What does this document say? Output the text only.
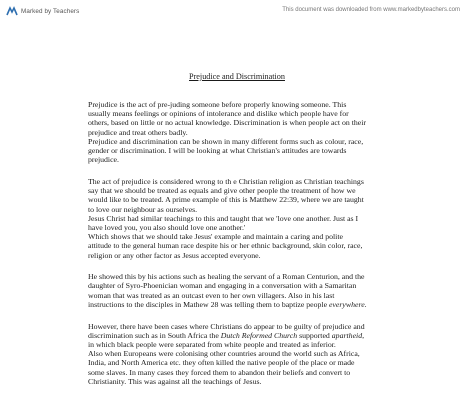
Marked by Teachers	This document was downloaded from www.markedbyteachers.com
Prejudice and Discrimination
Prejudice is the act of pre-juding someone before properly knowing someone. This
usually means feelings or opinions of intolerance and dislike which people have for
others, based on little or no actual knowledge. Discrimination is when people act on their
prejudice and treat others badly.
Prejudice and discrimination can be shown in many different forms such as colour, race,
gender or discrimination. I will be looking at what Christian's attitudes are towards
prejudice.
The act of prejudice is considered wrong to th e Christian religion as Christian teachings
say that we should be treated as equals and give other people the treatment of how we
would like to be treated. A prime example of this is Matthew 22:39, where we are taught
to love our neighbour as ourselves.
Jesus Christ had similar teachings to this and taught that we 'love one another. Just as I
have loved you, you also should love one another.'
Which shows that we should take Jesus' example and maintain a caring and polite
attitude to the general human race despite his or her ethnic background, skin color, race,
religion or any other factor as Jesus accepted everyone.
He showed this by his actions such as healing the servant of a Roman Centurion, and the
daughter of Syro-Phoenician woman and engaging in a conversation with a Samaritan
woman that was treated as an outcast even to her own villagers. Also in his last
instructions to the disciples in Mathew 28 was telling them to baptize people everywhere.
However, there have been cases where Christians do appear to be guilty of prejudice and
discrimination such as in South Africa the Dutch Reformed Church supported apartheid,
in which black people were separated from white people and treated as inferior.
Also when Europeans were colonising other countries around the world such as Africa,
India, and North America etc. they often killed the native people of the place or made
some slaves. In many cases they forced them to abandon their beliefs and convert to
Christianity. This was against all the teachings of Jesus.
